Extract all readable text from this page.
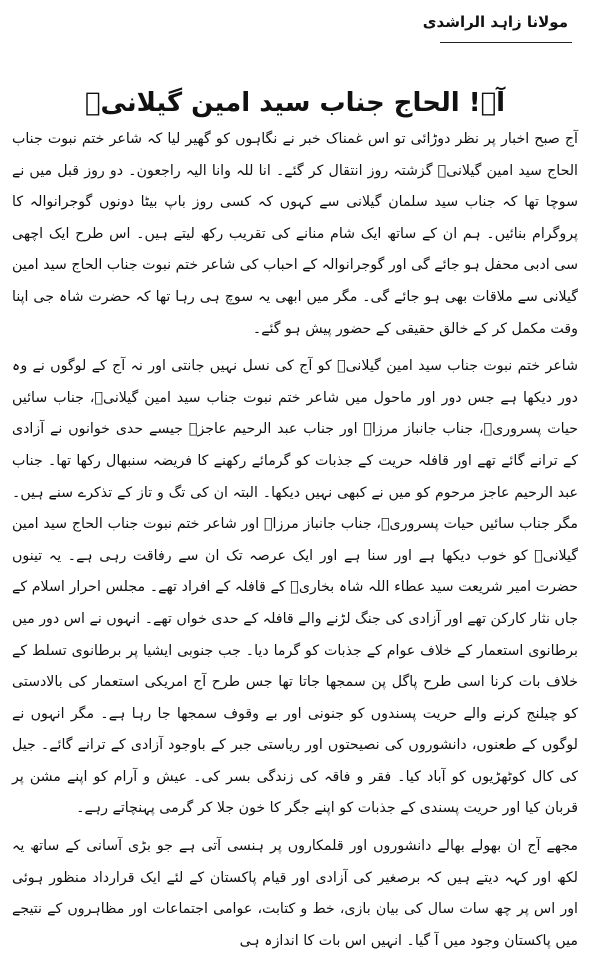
مولانا زاہد الراشدی
آہ! الحاج جناب سید امین گیلانیؒ

آج صبح اخبار پر نظر دوڑائی تو اس غمناک خبر نے نگاہوں کو گھیر لیا کہ شاعر ختم نبوت جناب الحاج سید امین گیلانیؒ گزشتہ روز انتقال کر گئے۔ انا للہ وانا الیہ راجعون۔ دو روز قبل میں نے سوچا تھا کہ جناب سید سلمان گیلانی سے کہوں کہ کسی روز باپ بیٹا دونوں گوجرانوالہ کا پروگرام بنائیں۔ ہم ان کے ساتھ ایک شام منانے کی تقریب رکھ لیتے ہیں۔ اس طرح ایک اچھی سی ادبی محفل ہو جائے گی اور گوجرانوالہ کے احباب کی شاعر ختم نبوت جناب الحاج سید امین گیلانی سے ملاقات بھی ہو جائے گی۔ مگر میں ابھی یہ سوچ ہی رہا تھا کہ حضرت شاہ جی اپنا وقت مکمل کر کے خالق حقیقی کے حضور پیش ہو گئے۔

شاعر ختم نبوت جناب سید امین گیلانیؒ کو آج کی نسل نہیں جانتی اور نہ آج کے لوگوں نے وہ دور دیکھا ہے جس دور اور ماحول میں شاعر ختم نبوت جناب سید امین گیلانیؒ، جناب سائیں حیات پسروریؒ، جناب جانباز مرزاؒ اور جناب عبد الرحیم عاجزؒ جیسے حدی خوانوں نے آزادی کے ترانے گائے تھے اور قافلہ حریت کے جذبات کو گرمائے رکھنے کا فریضہ سنبھال رکھا تھا۔ جناب عبد الرحیم عاجز مرحوم کو میں نے کبھی نہیں دیکھا۔ البتہ ان کی تگ و تاز کے تذکرے سنے ہیں۔ مگر جناب سائیں حیات پسروریؒ، جناب جانباز مرزاؒ اور شاعر ختم نبوت جناب الحاج سید امین گیلانیؒ کو خوب دیکھا ہے اور سنا ہے اور ایک عرصہ تک ان سے رفاقت رہی ہے۔ یہ تینوں حضرت امیر شریعت سید عطاء اللہ شاہ بخاریؒ کے قافلہ کے افراد تھے۔ مجلس احرار اسلام کے جاں نثار کارکن تھے اور آزادی کی جنگ لڑنے والے قافلہ کے حدی خواں تھے۔ انہوں نے اس دور میں برطانوی استعمار کے خلاف عوام کے جذبات کو گرما دیا۔ جب جنوبی ایشیا پر برطانوی تسلط کے خلاف بات کرنا اسی طرح پاگل پن سمجھا جاتا تھا جس طرح آج امریکی استعمار کی بالادستی کو چیلنج کرنے والے حریت پسندوں کو جنونی اور بے وقوف سمجھا جا رہا ہے۔ مگر انہوں نے لوگوں کے طعنوں، دانشوروں کی نصیحتوں اور ریاستی جبر کے باوجود آزادی کے ترانے گائے۔ جیل کی کال کوٹھڑیوں کو آباد کیا۔ فقر و فاقہ کی زندگی بسر کی۔ عیش و آرام کو اپنے مشن پر قربان کیا اور حریت پسندی کے جذبات کو اپنے جگر کا خون جلا کر گرمی پہنچاتے رہے۔

مجھے آج ان بھولے بھالے دانشوروں اور قلمکاروں پر ہنسی آتی ہے جو بڑی آسانی کے ساتھ یہ لکھ اور کہہ دیتے ہیں کہ برصغیر کی آزادی اور قیام پاکستان کے لئے ایک قرارداد منظور ہوئی اور اس پر چھ سات سال کی بیان بازی، خط و کتابت، عوامی اجتماعات اور مظاہروں کے نتیجے میں پاکستان وجود میں آ گیا۔ انہیں اس بات کا اندازہ ہی
